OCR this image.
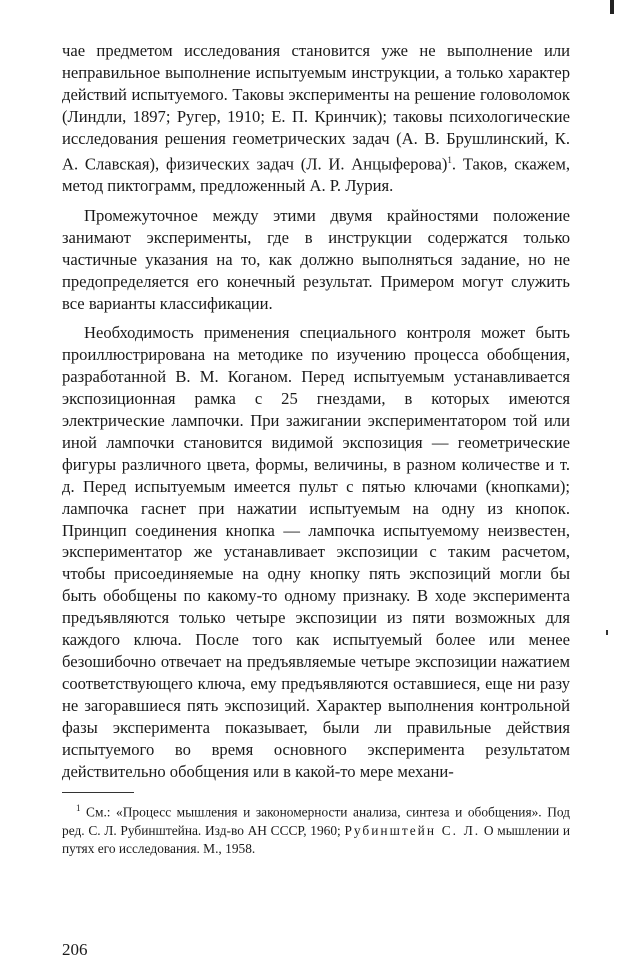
чае предметом исследования становится уже не выполнение или неправильное выполнение испытуемым инструкции, а только характер действий испытуемого. Таковы эксперименты на решение головоломок (Линдли, 1897; Ругер, 1910; Е. П. Кринчик); таковы психологические исследования решения геометрических задач (А. В. Брушлинский, К. А. Славская), физических задач (Л. И. Анцыферова)$^1$. Таков, скажем, метод пиктограмм, предложенный А. Р. Лурия.

Промежуточное между этими двумя крайностями положение занимают эксперименты, где в инструкции содержатся только частичные указания на то, как должно выполняться задание, но не предопределяется его конечный результат. Примером могут служить все варианты классификации.

Необходимость применения специального контроля может быть проиллюстрирована на методике по изучению процесса обобщения, разработанной В. М. Коганом. Перед испытуемым устанавливается экспозиционная рамка с 25 гнездами, в которых имеются электрические лампочки. При зажигании экспериментатором той или иной лампочки становится видимой экспозиция — геометрические фигуры различного цвета, формы, величины, в разном количестве и т. д. Перед испытуемым имеется пульт с пятью ключами (кнопками); лампочка гаснет при нажатии испытуемым на одну из кнопок. Принцип соединения кнопка — лампочка испытуемому неизвестен, экспериментатор же устанавливает экспозиции с таким расчетом, чтобы присоединяемые на одну кнопку пять экспозиций могли бы быть обобщены по какому-то одному признаку. В ходе эксперимента предъявляются только четыре экспозиции из пяти возможных для каждого ключа. После того как испытуемый более или менее безошибочно отвечает на предъявляемые четыре экспозиции нажатием соответствующего ключа, ему предъявляются оставшиеся, еще ни разу не загоравшиеся пять экспозиций. Характер выполнения контрольной фазы эксперимента показывает, были ли правильные действия испытуемого во время основного эксперимента результатом действительно обобщения или в какой-то мере механи-

$^1$ См.: «Процесс мышления и закономерности анализа, синтеза и обобщения». Под ред. С. Л. Рубинштейна. Изд-во АН СССР, 1960; Рубинштейн С. Л. О мышлении и путях его исследования. М., 1958.

206
